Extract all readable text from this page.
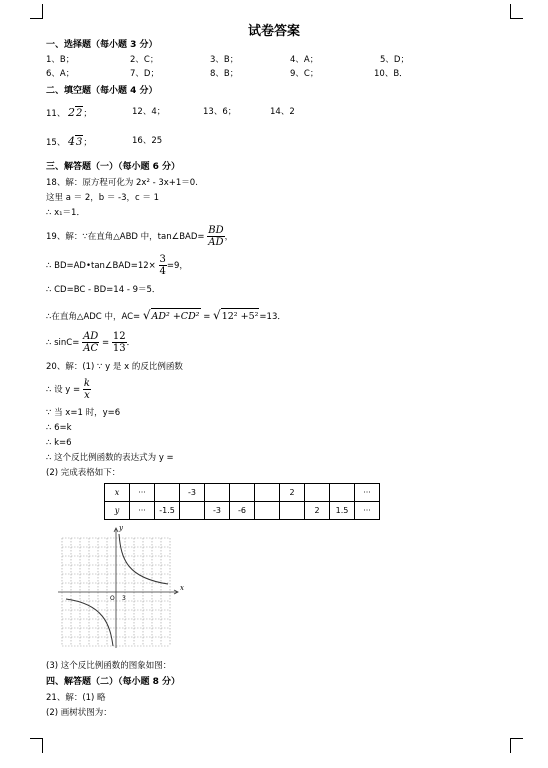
试卷答案
一、选择题（每小题 3 分）
1、B；	2、C；	3、B；	4、A；	5、D；
6、A；	7、D；	8、B；	9、C；	10、B．
二、填空题（每小题 4 分）
11、 22；	12、4；	13、6；	14、2
15、 43；	16、25
三、解答题（一）（每小题 6 分）
18、解：原方程可化为 2x² - 3x+1＝0.
这里 a ＝ 2，b ＝ -3，c ＝ 1
∴ x₁＝1．
19、解：∵在直角△ABD 中，tan∠BAD= $\frac{BD}{AD}$ ，
∴ BD=AD•tan∠BAD=12× $\frac{3}{4} =9$，
∴ CD=BC - BD=14 - 9＝5．
∴在直角△ADC 中，AC= √AD² +CD² = √12² +5²=13．
∴ $\sin C= \frac{AD}{AC} = \frac{12}{13}$ ．
20、解：(1) ∵ y 是 x 的反比例函数
∴ 设 $y = \frac{k}{x}$
∵ 当 x=1 时，y=6
∴ 6=k
∴ k=6
∴ 这个反比例函数的表达式为 y =
(2) 完成表格如下：
x	···		-3				2			···
y	···	-1.5		-3	-6			2	1.5	···
x
y
O 3
(3) 这个反比例函数的图象如图：
四、解答题（二）（每小题 8 分）
21、解：(1) 略
(2) 画树状图为：
